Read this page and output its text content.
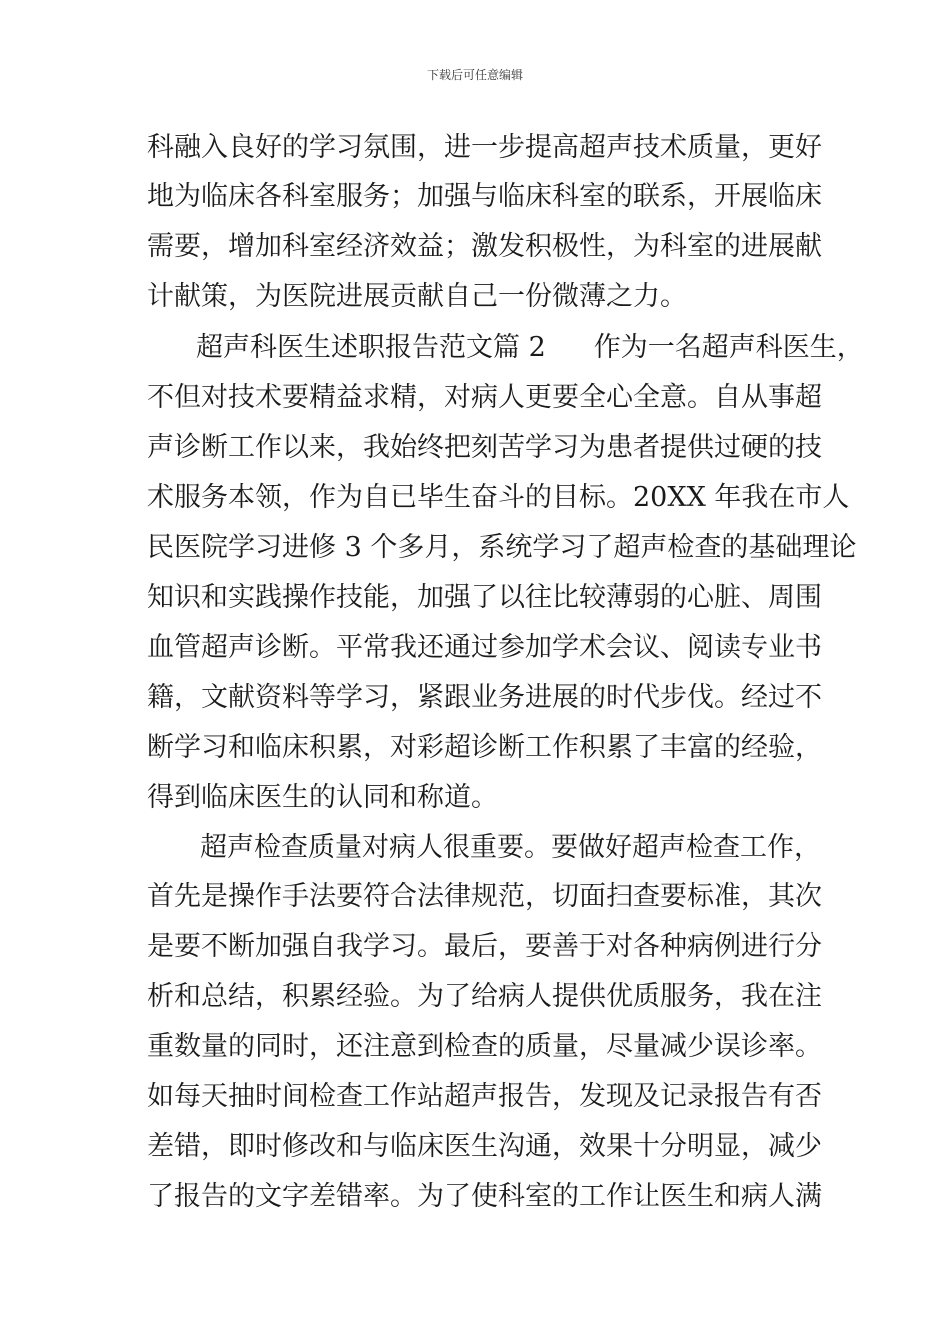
下载后可任意编辑
科融入良好的学习氛围，进一步提高超声技术质量，更好
地为临床各科室服务；加强与临床科室的联系，开展临床
需要，增加科室经济效益；激发积极性，为科室的进展献
计献策，为医院进展贡献自己一份微薄之力。
超声科医生述职报告范文篇 2 作为一名超声科医生，
不但对技术要精益求精，对病人更要全心全意。自从事超
声诊断工作以来，我始终把刻苦学习为患者提供过硬的技
术服务本领，作为自已毕生奋斗的目标。20XX 年我在市人
民医院学习进修 3 个多月，系统学习了超声检查的基础理论
知识和实践操作技能，加强了以往比较薄弱的心脏、周围
血管超声诊断。平常我还通过参加学术会议、阅读专业书
籍，文献资料等学习，紧跟业务进展的时代步伐。经过不
断学习和临床积累，对彩超诊断工作积累了丰富的经验，
得到临床医生的认同和称道。
超声检查质量对病人很重要。要做好超声检查工作，
首先是操作手法要符合法律规范，切面扫查要标准，其次
是要不断加强自我学习。最后，要善于对各种病例进行分
析和总结，积累经验。为了给病人提供优质服务，我在注
重数量的同时，还注意到检查的质量，尽量减少误诊率。
如每天抽时间检查工作站超声报告，发现及记录报告有否
差错，即时修改和与临床医生沟通，效果十分明显，减少
了报告的文字差错率。为了使科室的工作让医生和病人满
